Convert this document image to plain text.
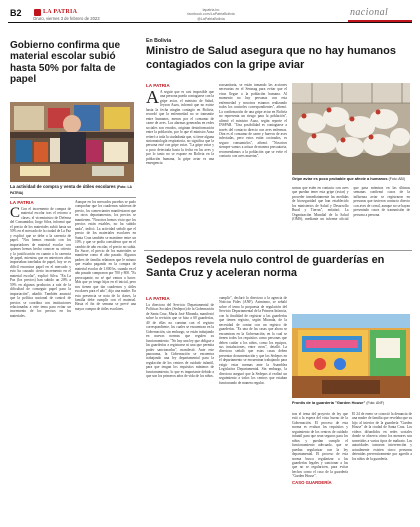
B2	LA PATRIA
Oruro, viernes 3 de febrero de 2023
lapatria.bo
facebook.com/LaPatriaBolivia
@LaPatriaBolivia
nacional
Gobierno confirma que material escolar subió hasta 50% por falta de papel
La actividad de compra y venta de útiles escolares (Foto: LA PATRIA)
LA PATRIA
C Con el incremento de compra de material escolar tras el retorno a clases, el viceministro de Defensa del Consumidor, Jorge Silva, informó que el precio de los materiales subió hasta un 50% en el mercado de la ciudad de La Paz y explicó que se debe a la carencia de papel. "Nos hemos reunido con los importadores de material escolar con quienes hemos hecho conocer su criterio y la justificación en cuanto a la carencia de papel, mientras que en anteriores años importaban toneladas de papel, hoy se es difícil encontrar papel en el mercado y esto ha causado cierto incremento en el material escolar", explicó Silva. "En La Paz (los precios) han subido un 20% a 50% en algunos productos a raíz de la dificultad de conseguir papel para la importación", añadió. También anunció que la política nacional de control de precios se coordina con instituciones relacionadas a este tema para evitar un incremento de los precios en los materiales.
Aunque en los mercados paceños se pudo comprobar que los cuadernos subieron de precio, los comerciantes manifestaron que en otros departamentos, los precios se mantienen. "Nosotros hemos visto que los precios están estables, no ha subido nada", indicó. La actividad señaló que el precio de los materiales escolares en Santa Cruz también se mantiene entre un 10% y que se podía considerar que en el cambio de año escolar, el precio no subía. En Sucre, el precio de los materiales se mantiene como el año pasado. Algunos padres de familia relataron que le mismo que estaba pagando en la compra de material escolar de 1.000 bs. cuando en el año pasado compraron por 700 y 800. "Es preocupante, no sé qué vamos a hacer. Más que yo tengo hijas en el inicial, pero nos tienen que dar cuadernos y útiles escolares para el año", dijo una madre. En esta presencia se nota de la clases, la familia debe cumplir con el material. Hasta el fin de semana se prevé una mayor compra de útiles escolares.
En Bolivia
Ministro de Salud asegura que no hay humanos contagiados con la gripe aviar
LA PATRIA
A A seguir que es casi imposible que una persona pueda contagiarse con la gripe aviar, el ministro de Salud, Jeyson Auza, informó que no existe hasta la fecha ningún contagio en Bolivia, recordó que la enfermedad no se transmite entre humanos, menos por el consumo de carne de aves. Los alarmas generadas en redes sociales son errados, originan desinformación entre la población, por lo que el ministro Auza reiteró a toda la ciudadanía que, si tiene alguna sintomatología respiratoria, no significa que la persona esté con gripe aviar. "La gripe aviar y a poco detectada hasta la fecha en las aves y por lo tanto no se expone en Bolivia en la población humana, la gripe aviar es una emergencia
zoosanitaria, se están tomando las acciones necesarias en el Senasag para evitar que el virus llegue a la población humana. Al momento no hay personas con esta enfermedad y nosotros estamos realizando todos los controles correspondientes", afirmó. La confirmación de una gripe aviar en Bolivia no representa un riesgo para la población", afirmó el ministro Auza, según reporte el INSPAR. "Una posibilidad es contagiarse a través del contacto directo con aves enfermas. Otra es el consumo de carne y huevos de aves infectadas, pero estos están cocinados, es seguro consumirlos", afirmó. "Nosotros siempre vamos a actuar de manera precautoria, recomendamos a la población que se evite el contacto con aves muertas".
Gripe aviar es poco probable que afecte a humanos (Foto: ABI)
somas que estén en contacto con aves que puedan tener esta gripe (aviar) y proceder inmediatamente las medidas de bioseguridad que han establecido los ministerios de Salud y Desarrollo Rural y Tierras", enfatizó. La Organización Mundial de la Salud (OMS), mediante un informe oficial que pasa mientras en las últimas semanas confirmó casos de la influenza aviar se registraron en personas que tuvieron contacto directo con aves de corral, aunque no se hayan presentado casos de transmisión de persona a persona.
Sedepos revela nulo control de guarderías en Santa Cruz y aceleran norma
LA PATRIA
La directora del Servicio Departamental de Políticas Sociales (Sedepos) de la Gobernación de Santa Cruz, María José Miranda, manifestó sobre la revisión que se hizo a 60 guarderías, 40 de ellas no cuentan con el registro correspondiente, los cuales se encuentran en la Gobernación, sin embargo, se están trabajando en nuevas normas que regulen su funcionamiento. "No hay una ley que obligue a las guarderías a registrarse ni una que permita poder sancionarlas", manifestó. Ante este panorama, la Gobernación se encuentra trabajando una ley departamental para la regulación de los centros de cuidado infantil, para que tengan los requisitos mínimos de funcionamiento, lo que es importante debido a que son los primeros años de vida de los niños.
cumplir", declaró la directora a la agencia de Noticias Fides (ANF). Asimismo, se señaló sobre el tema la propuesta de regulación del Servicio Departamental de la Primera Infancia, con la finalidad de registrar a las guarderías que tienen registro, según Miranda, de la necesidad de contar con un registro de guarderías. "Es una de las casas que ahora se encuentran en la Gobernación, en la cual se tienen todos los requisitos como personas que deben cuidar a los niños, como los equipos, sus instalaciones, entre otros", detalló. La directora señaló que estas casas deben presentar documentación y que los Sedepos en el departamento se encuentran trabajando para exigir estas normas ante la Asamblea Legislativa Departamental. Sin embargo, la directora aseguró que la Sedepos sí realizó un seguimiento a todos los centros que estaban funcionando de manera regular.
Frontis de la guardería "Garden House" (Foto: ANF)
tras el tema del proyecto de ley que está a la espera del visto bueno de la Gobernación. El proceso de esta norma es evaluar los requisitos y seguimiento de los centros de cuidado infantil para que sean seguros para los niños y puedan cumplir el funcionamiento adecuado, que se puedan regularizar con la ley departamental. El proceso de esta norma busca regularizar a las guarderías legales y sancionar a las que no se regularicen, para evitar hechos como el caso de la guardería "Garden House".
CASO GUARDERÍA
El 24 de enero se conoció la denuncia de una madre de familia que revelaba que su hijo al interior de la guardería "Garden House" de la ciudad de Santa Cruz. Los videos difundidos en redes sociales donde se observa cómo los menores son sometidos a varios tipos de maltrato. Las autoridades tomaron intervención y actualmente existen cinco personas detenidas preventivamente por agredir a los niños de la guardería.
